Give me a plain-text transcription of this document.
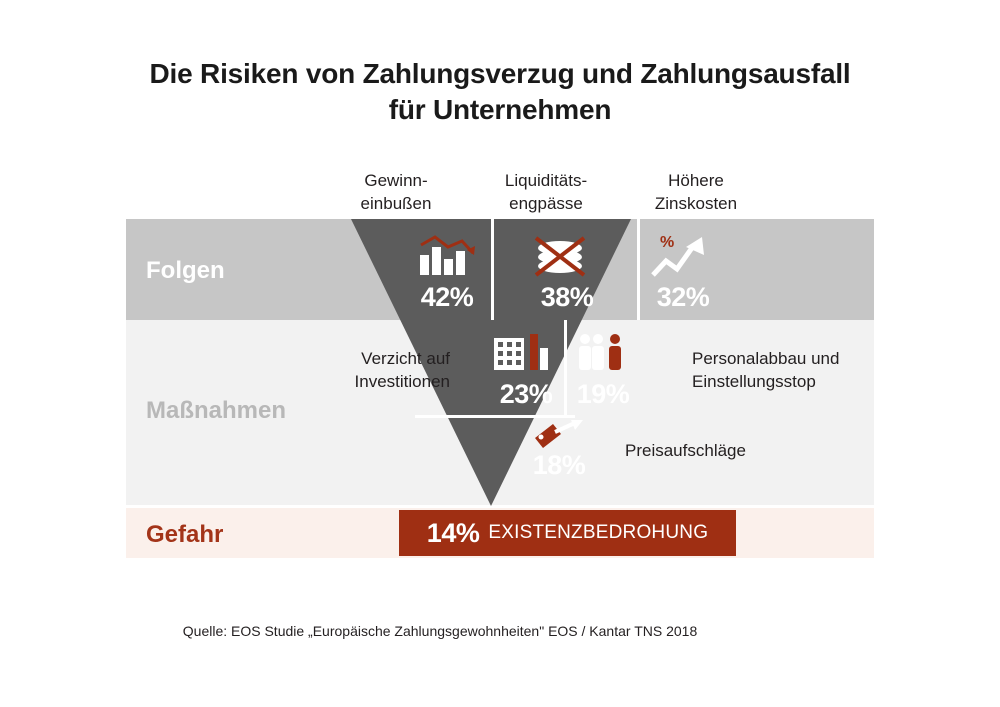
Die Risiken von Zahlungsverzug und Zahlungsausfall
für Unternehmen
Gewinn-
einbußen
Liquiditäts-
engpässe
Höhere
Zinskosten
Folgen
Maßnahmen
Gefahr
%
42%	38%	32%
23% 19%
18%
Verzicht auf
Investitionen
Personalabbau und
Einstellungsstop
Preisaufschläge
14% EXISTENZBEDROHUNG
Quelle: EOS Studie „Europäische Zahlungsgewohnheiten" EOS / Kantar TNS 2018
